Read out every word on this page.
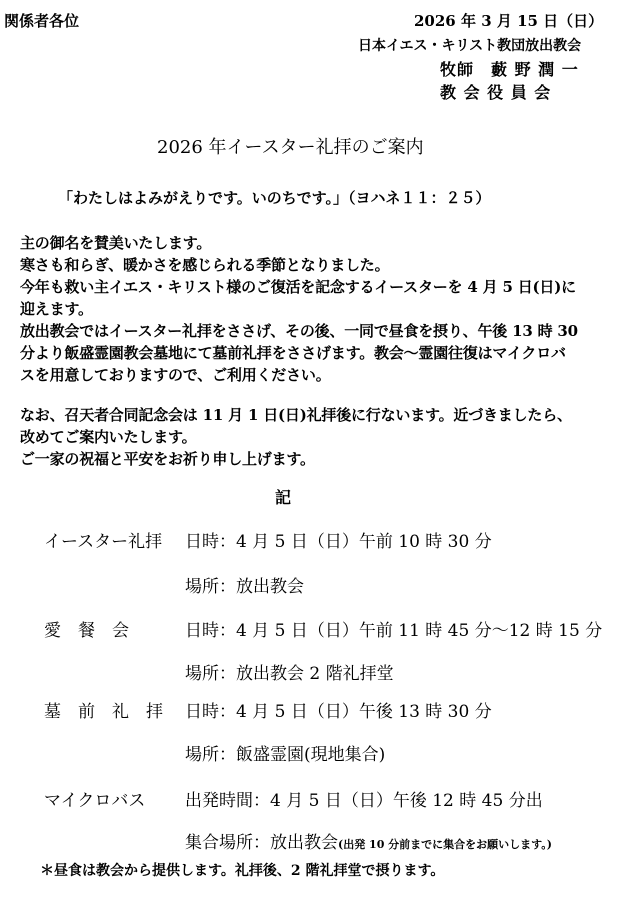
関係者各位	2026 年 3 月 15 日（日）
日本イエス・キリスト教団放出教会
牧師　藪 野 潤 一
教 会 役 員 会
2026 年イースター礼拝のご案内
「わたしはよみがえりです。いのちです。」（ヨハネ１１：２５）
主の御名を賛美いたします。
寒さも和らぎ、暖かさを感じられる季節となりました。
今年も救い主イエス・キリスト様のご復活を記念するイースターを 4 月 5 日(日)に
迎えます。
放出教会ではイースター礼拝をささげ、その後、一同で昼食を摂り、午後 13 時 30
分より飯盛霊園教会墓地にて墓前礼拝をささげます。教会～霊園往復はマイクロバ
スを用意しておりますので、ご利用ください。
なお、召天者合同記念会は 11 月 1 日(日)礼拝後に行ないます。近づきましたら、
改めてご案内いたします。
ご一家の祝福と平安をお祈り申し上げます。
記
イースター礼拝 日時：4 月 5 日（日）午前 10 時 30 分
場所：放出教会
愛　餐　会	日時：4 月 5 日（日）午前 11 時 45 分～12 時 15 分
場所：放出教会 2 階礼拝堂
墓　前　礼　拝 日時：4 月 5 日（日）午後 13 時 30 分
場所：飯盛霊園(現地集合)
マイクロバス 出発時間：4 月 5 日（日）午後 12 時 45 分出
集合場所：放出教会(出発 10 分前までに集合をお願いします。)
＊昼食は教会から提供します。礼拝後、2 階礼拝堂で摂ります。
